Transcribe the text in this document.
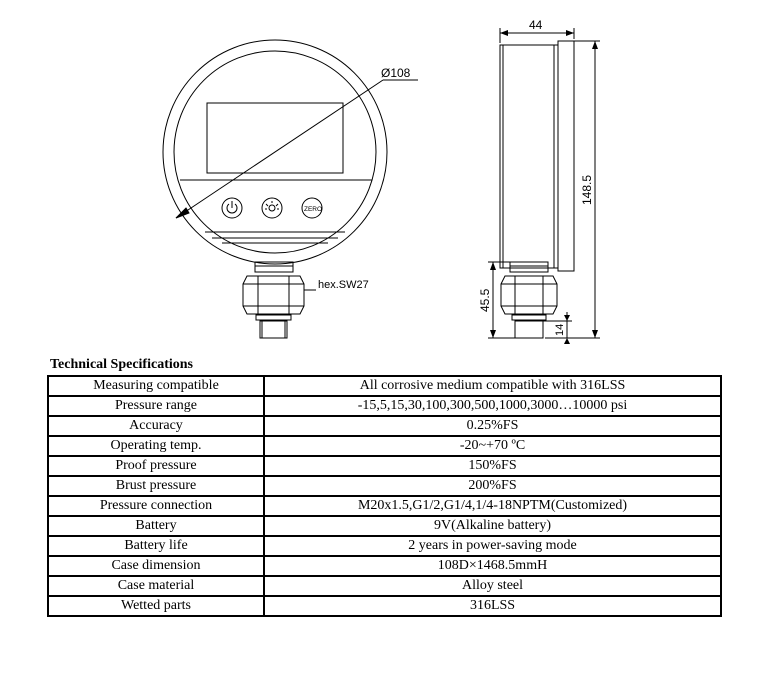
Ø108
44
148.5
45.5
14
hex.SW27
ZERO
Technical Specifications
Measuring compatible	All corrosive medium compatible with 316LSS
Pressure range	-15,5,15,30,100,300,500,1000,3000…10000 psi
Accuracy	0.25%FS
Operating temp.	-20~+70 ºC
Proof pressure	150%FS
Brust pressure	200%FS
Pressure connection	M20x1.5,G1/2,G1/4,1/4-18NPTM(Customized)
Battery	9V(Alkaline battery)
Battery life	2 years in power-saving mode
Case dimension	108D×1468.5mmH
Case material	Alloy steel
Wetted parts	316LSS
